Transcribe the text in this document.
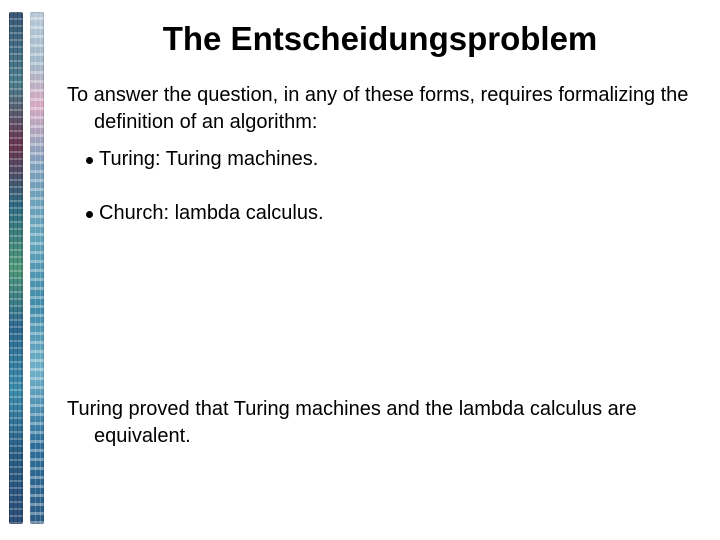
The Entscheidungsproblem

To answer the question, in any of these forms, requires formalizing the definition of an algorithm:

Turing: Turing machines.
Church: lambda calculus.

Turing proved that Turing machines and the lambda calculus are equivalent.
